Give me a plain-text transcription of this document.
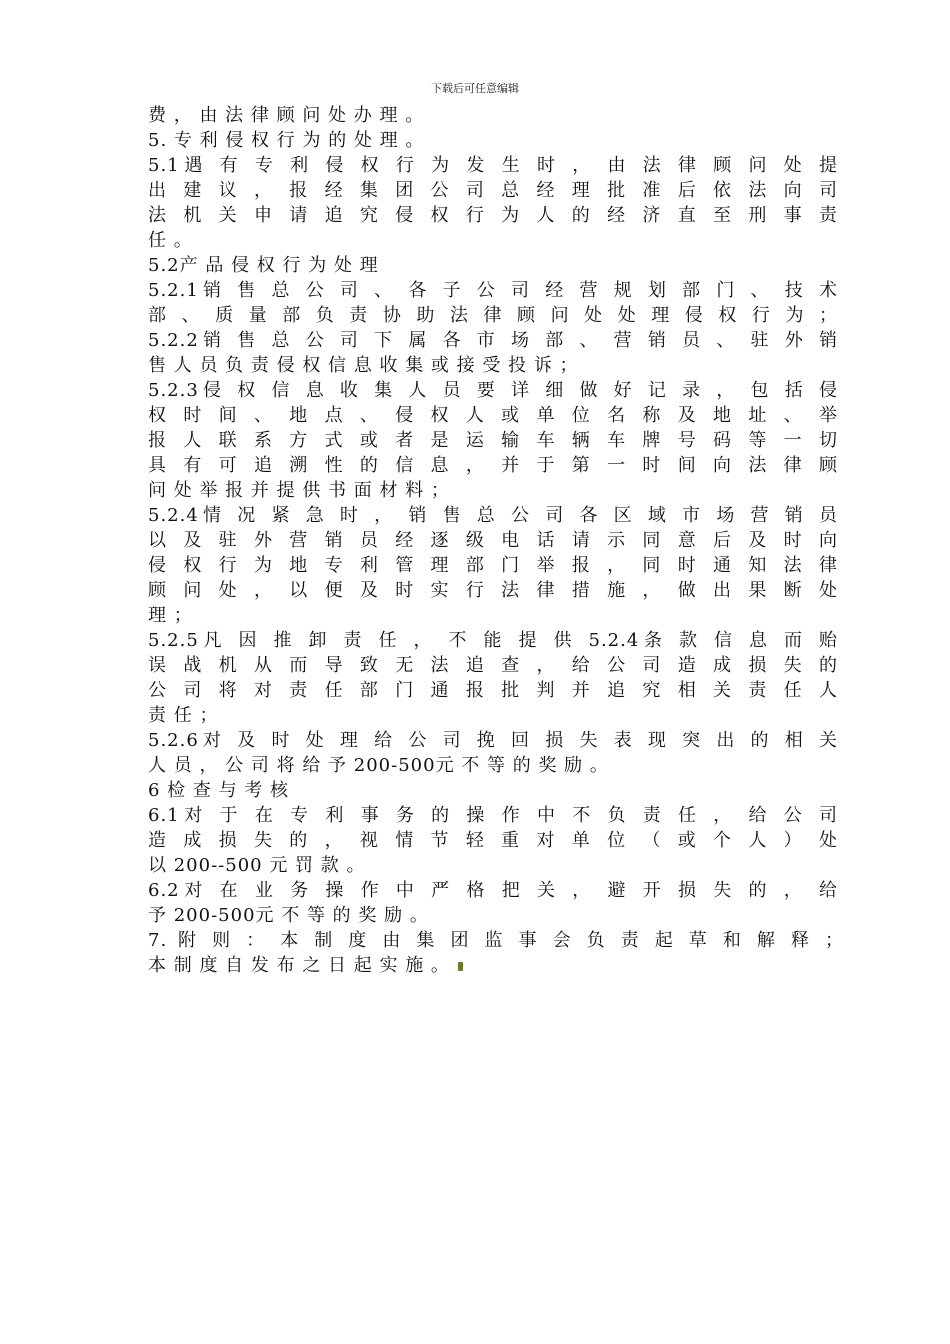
下载后可任意编辑
费 ， 由 法 律 顾 问 处 办 理 。
5. 专 利 侵 权 行 为 的 处 理 。
5.1遇 有 专 利 侵 权 行 为 发 生 时 ， 由 法 律 顾 问 处 提
出 建 议 ， 报 经 集 团 公 司 总 经 理 批 准 后 依 法 向 司
法 机 关 申 请 追 究 侵 权 行 为 人 的 经 济 直 至 刑 事 责
任 。
5.2产 品 侵 权 行 为 处 理
5.2.1销 售 总 公 司 、 各 子 公 司 经 营 规 划 部 门 、 技 术
部 、 质 量 部 负 责 协 助 法 律 顾 问 处 处 理 侵 权 行 为 ；
5.2.2销 售 总 公 司 下 属 各 市 场 部 、 营 销 员 、 驻 外 销
售 人 员 负 责 侵 权 信 息 收 集 或 接 受 投 诉 ；
5.2.3侵 权 信 息 收 集 人 员 要 详 细 做 好 记 录 ， 包 括 侵
权 时 间 、 地 点 、 侵 权 人 或 单 位 名 称 及 地 址 、 举
报 人 联 系 方 式 或 者 是 运 输 车 辆 车 牌 号 码 等 一 切
具 有 可 追 溯 性 的 信 息 ， 并 于 第 一 时 间 向 法 律 顾
问 处 举 报 并 提 供 书 面 材 料 ；
5.2.4情 况 紧 急 时 ， 销 售 总 公 司 各 区 域 市 场 营 销 员
以 及 驻 外 营 销 员 经 逐 级 电 话 请 示 同 意 后 及 时 向
侵 权 行 为 地 专 利 管 理 部 门 举 报 ， 同 时 通 知 法 律
顾 问 处 ， 以 便 及 时 实 行 法 律 措 施 ， 做 出 果 断 处
理 ；
5.2.5凡 因 推 卸 责 任 ， 不 能 提 供 5.2.4条 款 信 息 而 贻
误 战 机 从 而 导 致 无 法 追 查 ， 给 公 司 造 成 损 失 的
公 司 将 对 责 任 部 门 通 报 批 判 并 追 究 相 关 责 任 人
责 任 ；
5.2.6对 及 时 处 理 给 公 司 挽 回 损 失 表 现 突 出 的 相 关
人 员 ， 公 司 将 给 予 200-500元 不 等 的 奖 励 。
6 检 查 与 考 核
6.1对 于 在 专 利 事 务 的 操 作 中 不 负 责 任 ， 给 公 司
造 成 损 失 的 ， 视 情 节 轻 重 对 单 位 （ 或 个 人 ） 处
以 200--500 元 罚 款 。
6.2对 在 业 务 操 作 中 严 格 把 关 ， 避 开 损 失 的 ， 给
予 200-500元 不 等 的 奖 励 。
7. 附 则 ： 本 制 度 由 集 团 监 事 会 负 责 起 草 和 解 释 ；
本 制 度 自 发 布 之 日 起 实 施 。
